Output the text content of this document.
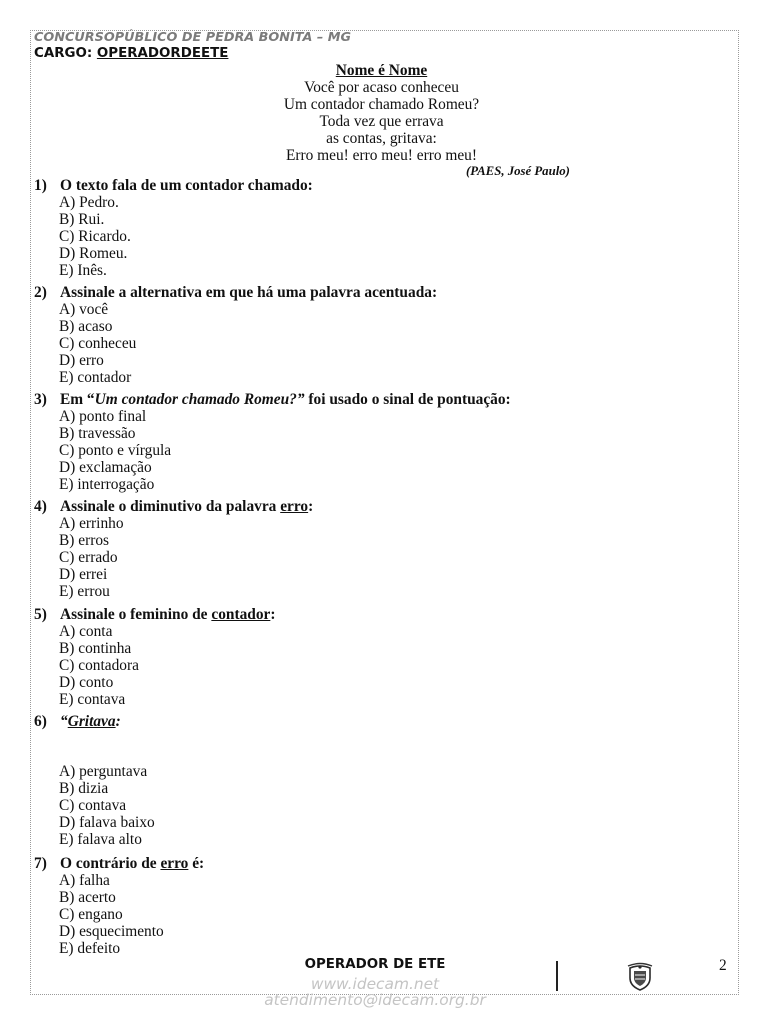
CONCURSOPÚBLICO DE PEDRA BONITA – MG
CARGO: OPERADORDEETE
Nome é Nome
Você por acaso conheceu
Um contador chamado Romeu?
Toda vez que errava
as contas, gritava:
Erro meu! erro meu! erro meu!
(PAES, José Paulo)
1) O texto fala de um contador chamado:
A) Pedro.
B) Rui.
C) Ricardo.
D) Romeu.
E) Inês.
2) Assinale a alternativa em que há uma palavra acentuada:
A) você
B) acaso
C) conheceu
D) erro
E) contador
3) Em “Um contador chamado Romeu?” foi usado o sinal de pontuação:
A) ponto final
B) travessão
C) ponto e vírgula
D) exclamação
E) interrogação
4) Assinale o diminutivo da palavra erro:
A) errinho
B) erros
C) errado
D) errei
E) errou
5) Assinale o feminino de contador:
A) conta
B) continha
C) contadora
D) conto
E) contava
6) “Gritava:
A) perguntava
B) dizia
C) contava
D) falava baixo
E) falava alto
7) O contrário de erro é:
A) falha
B) acerto
C) engano
D) esquecimento
E) defeito
OPERADOR DE ETE
www.idecam.net
atendimento@idecam.org.br
2
